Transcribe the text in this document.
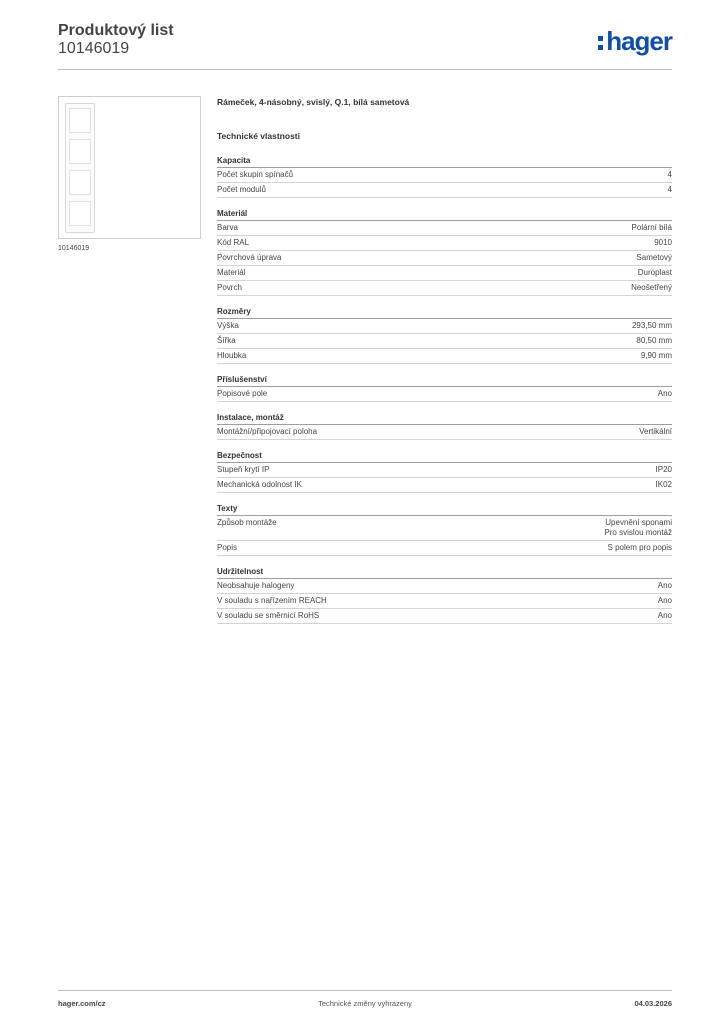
Produktový list
10146019	hager
10146019
Rámeček, 4-násobný, svislý, Q.1, bílá sametová
Technické vlastnosti
Kapacita
Počet skupin spínačů	4
Počet modulů	4
Materiál
Barva	Polární bílá
Kód RAL	9010
Povrchová úprava	Sametový
Materiál	Duroplast
Povrch	Neošetřený
Rozměry
Výška	293,50 mm
Šířka	80,50 mm
Hloubka	9,90 mm
Příslušenství
Popisové pole	Ano
Instalace, montáž
Montážní/připojovací poloha	Vertikální
Bezpečnost
Stupeň krytí IP	IP20
Mechanická odolnost IK	IK02
Texty
Způsob montáže	Upevnění sponami
Pro svislou montáž
Popis	S polem pro popis
Udržitelnost
Neobsahuje halogeny	Ano
V souladu s nařízením REACH	Ano
V souladu se směrnicí RoHS	Ano
hager.com/cz	Technické změny vyhrazeny	04.03.2026
